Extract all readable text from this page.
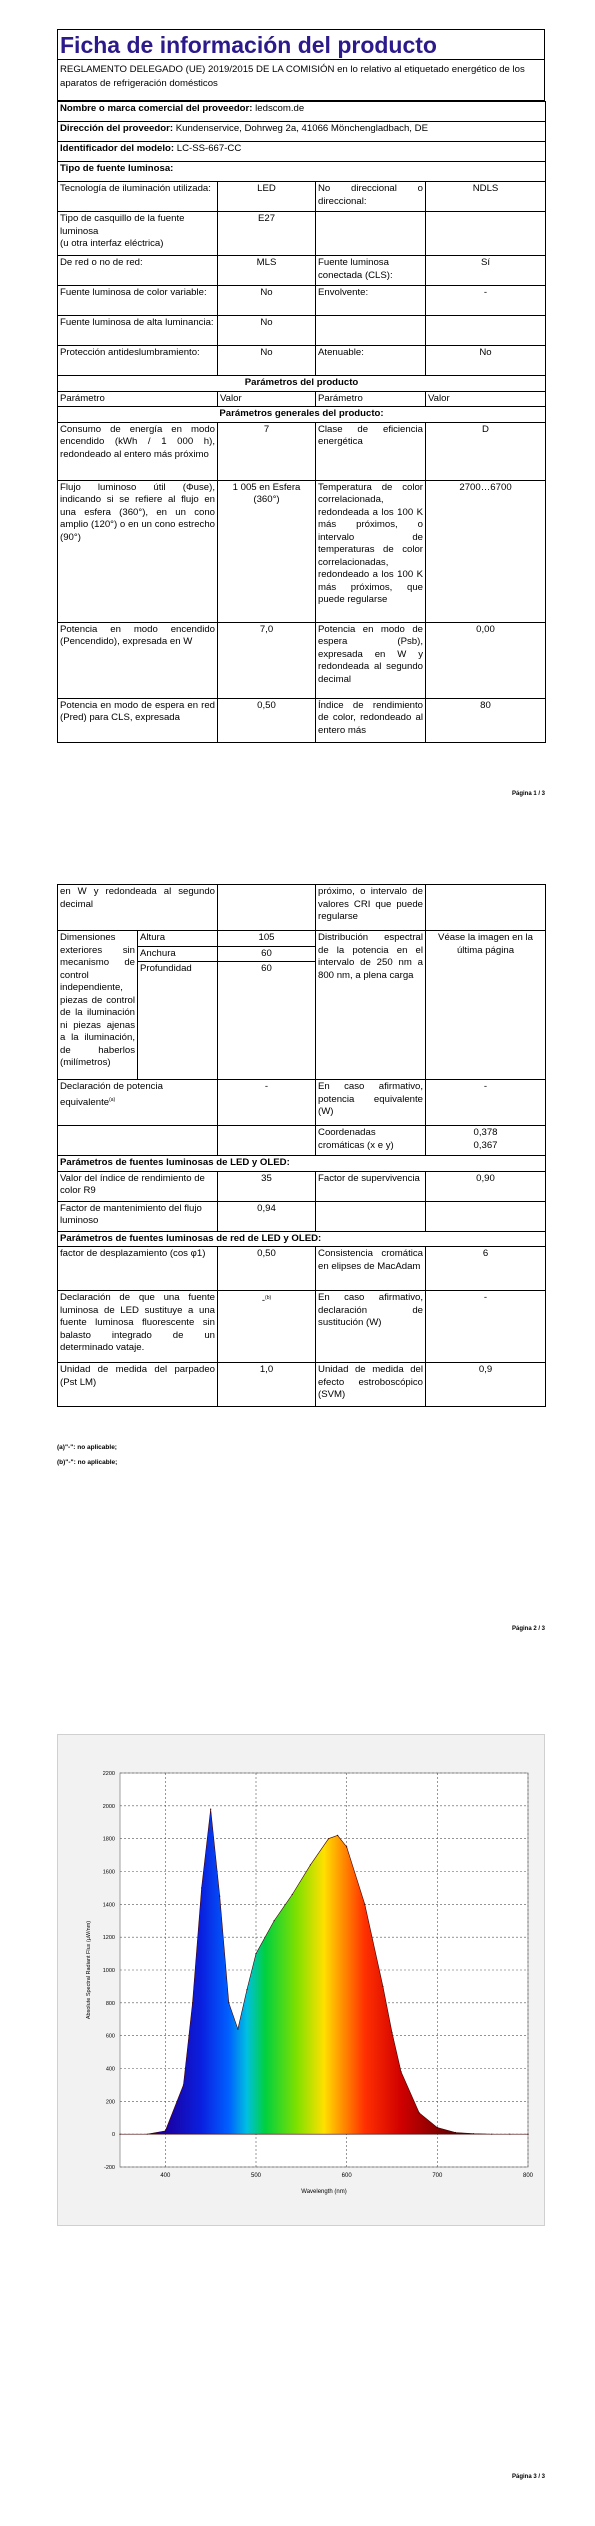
Ficha de información del producto
REGLAMENTO DELEGADO (UE) 2019/2015 DE LA COMISIÓN en lo relativo al etiquetado energético de los aparatos de refrigeración domésticos
Nombre o marca comercial del proveedor: ledscom.de			
Dirección del proveedor: Kundenservice, Dohrweg 2a, 41066 Mönchengladbach, DE			
Identificador del modelo: LC-SS-667-CC			
Tipo de fuente luminosa:			
Tecnología de iluminación utilizada:	LED	No direccional o direccional:	NDLS
Tipo de casquillo de la fuente luminosa
(u otra interfaz eléctrica)	E27		
De red o no de red:	MLS	Fuente luminosa conectada (CLS):	Sí
Fuente luminosa de color variable:	No	Envolvente:	-
Fuente luminosa de alta luminancia:	No		
Protección antideslumbramiento:	No	Atenuable:	No
Parámetros del producto			
Parámetro	Valor	Parámetro	Valor
Parámetros generales del producto:			
Consumo de energía en modo encendido (kWh / 1 000 h), redondeado al entero más próximo	7	Clase de eficiencia energética	D
Flujo luminoso útil (Φuse), indicando si se refiere al flujo en una esfera (360°), en un cono amplio (120°) o en un cono estrecho (90°)	1 005 en Esfera (360°)	Temperatura de color correlacionada, redondeada a los 100 K más próximos, o intervalo de temperaturas de color correlacionadas, redondeado a los 100 K más próximos, que puede regularse	2700…6700
Potencia en modo encendido (Pencendido), expresada en W	7,0	Potencia en modo de espera (Psb), expresada en W y redondeada al segundo decimal	0,00
Potencia en modo de espera en red (Pred) para CLS, expresada	0,50	Índice de rendimiento de color, redondeado al entero más	80
Página 1 / 3
en W y redondeada al segundo decimal			próximo, o intervalo de valores CRI que puede regularse	
Dimensiones exteriores sin mecanismo de control independiente, piezas de control de la iluminación ni piezas ajenas a la iluminación, de haberlos (milímetros)	Altura	105	Distribución espectral de la potencia en el intervalo de 250 nm a 800 nm, a plena carga	Véase la imagen en la última página
	Anchura	60		
	Profundidad	60		
Declaración de potencia equivalente$^{(a)}$		-	En caso afirmativo, potencia equivalente (W)	-
			Coordenadas cromáticas (x e y)	0,378
0,367

Parámetros de fuentes luminosas de LED y OLED:				
Valor del índice de rendimiento de color R9		35	Factor de supervivencia	0,90
Factor de mantenimiento del flujo luminoso		0,94		
Parámetros de fuentes luminosas de red de LED y OLED:				
factor de desplazamiento (cos φ1)		0,50	Consistencia cromática en elipses de MacAdam	6
Declaración de que una fuente luminosa de LED sustituye a una fuente luminosa fluorescente sin balasto integrado de un determinado vataje.		-$^{(b)}$	En caso afirmativo, declaración de sustitución (W)	-
Unidad de medida del parpadeo (Pst LM)		1,0	Unidad de medida del efecto estroboscópico (SVM)	0,9
(a)"-": no aplicable;
(b)"-": no aplicable;
Página 2 / 3
400	500	600	700	800
-200
0
200
400
600
800
1000
1200
1400
1600
1800
2000
2200
Wavelength (nm)
Absolute Spectral Radiant Flux (µW/nm)
Página 3 / 3
